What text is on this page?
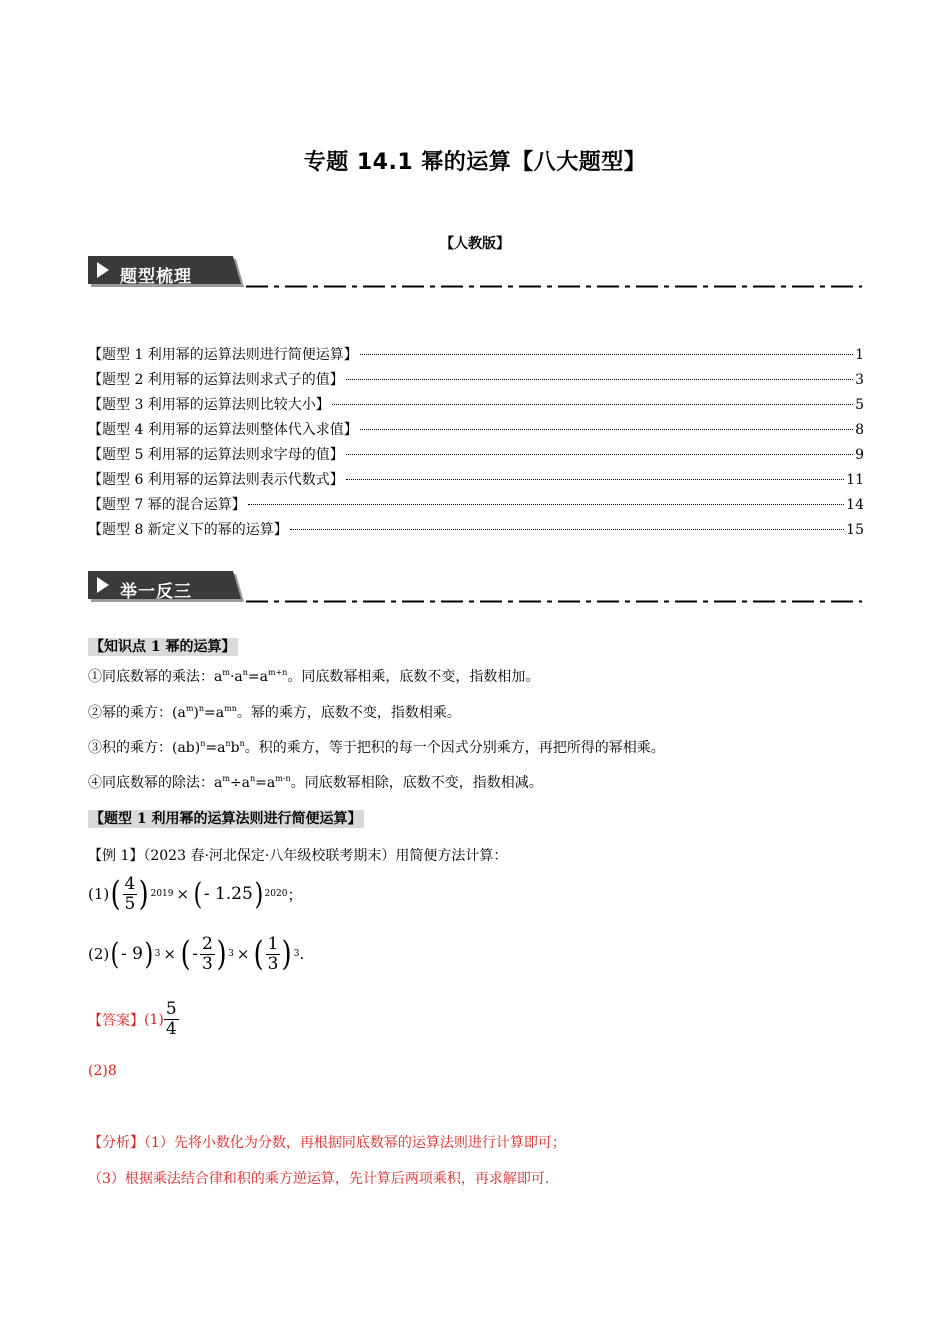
专题 14.1 幂的运算【八大题型】
【人教版】
题型梳理
【题型 1 利用幂的运算法则进行简便运算】	1
【题型 2 利用幂的运算法则求式子的值】	3
【题型 3 利用幂的运算法则比较大小】	5
【题型 4 利用幂的运算法则整体代入求值】	8
【题型 5 利用幂的运算法则求字母的值】	9
【题型 6 利用幂的运算法则表示代数式】	11
【题型 7 幂的混合运算】	14
【题型 8 新定义下的幂的运算】	15
举一反三
【知识点 1 幂的运算】
①同底数幂的乘法：$a^m\cdot a^n=a^{m+n}$。同底数幂相乘，底数不变，指数相加。
②幂的乘方：$(a^m)^n=a^{mn}$。幂的乘方，底数不变，指数相乘。
③积的乘方：$(ab)^n=a^nb^n$。积的乘方，等于把积的每一个因式分别乘方，再把所得的幂相乘。
④同底数幂的除法：$a^m\div a^n=a^{m-n}$。同底数幂相除，底数不变，指数相减。
【题型 1 利用幂的运算法则进行简便运算】
【例 1】（2023 春·河北保定·八年级校联考期末）用简便方法计算：
(1) ( $\frac{4}{5}$ ) 2019 × ( - 1.25 ) 2020 ；
(2) ( - 9 ) 3 × ( - $\frac{2}{3}$ ) 3 × ( $\frac{1}{3}$ ) 3 .
【答案】 $(1) \frac{5}{4}$
(2)8
【分析】（1）先将小数化为分数，再根据同底数幂的运算法则进行计算即可；
（3）根据乘法结合律和积的乘方逆运算，先计算后两项乘积，再求解即可.
